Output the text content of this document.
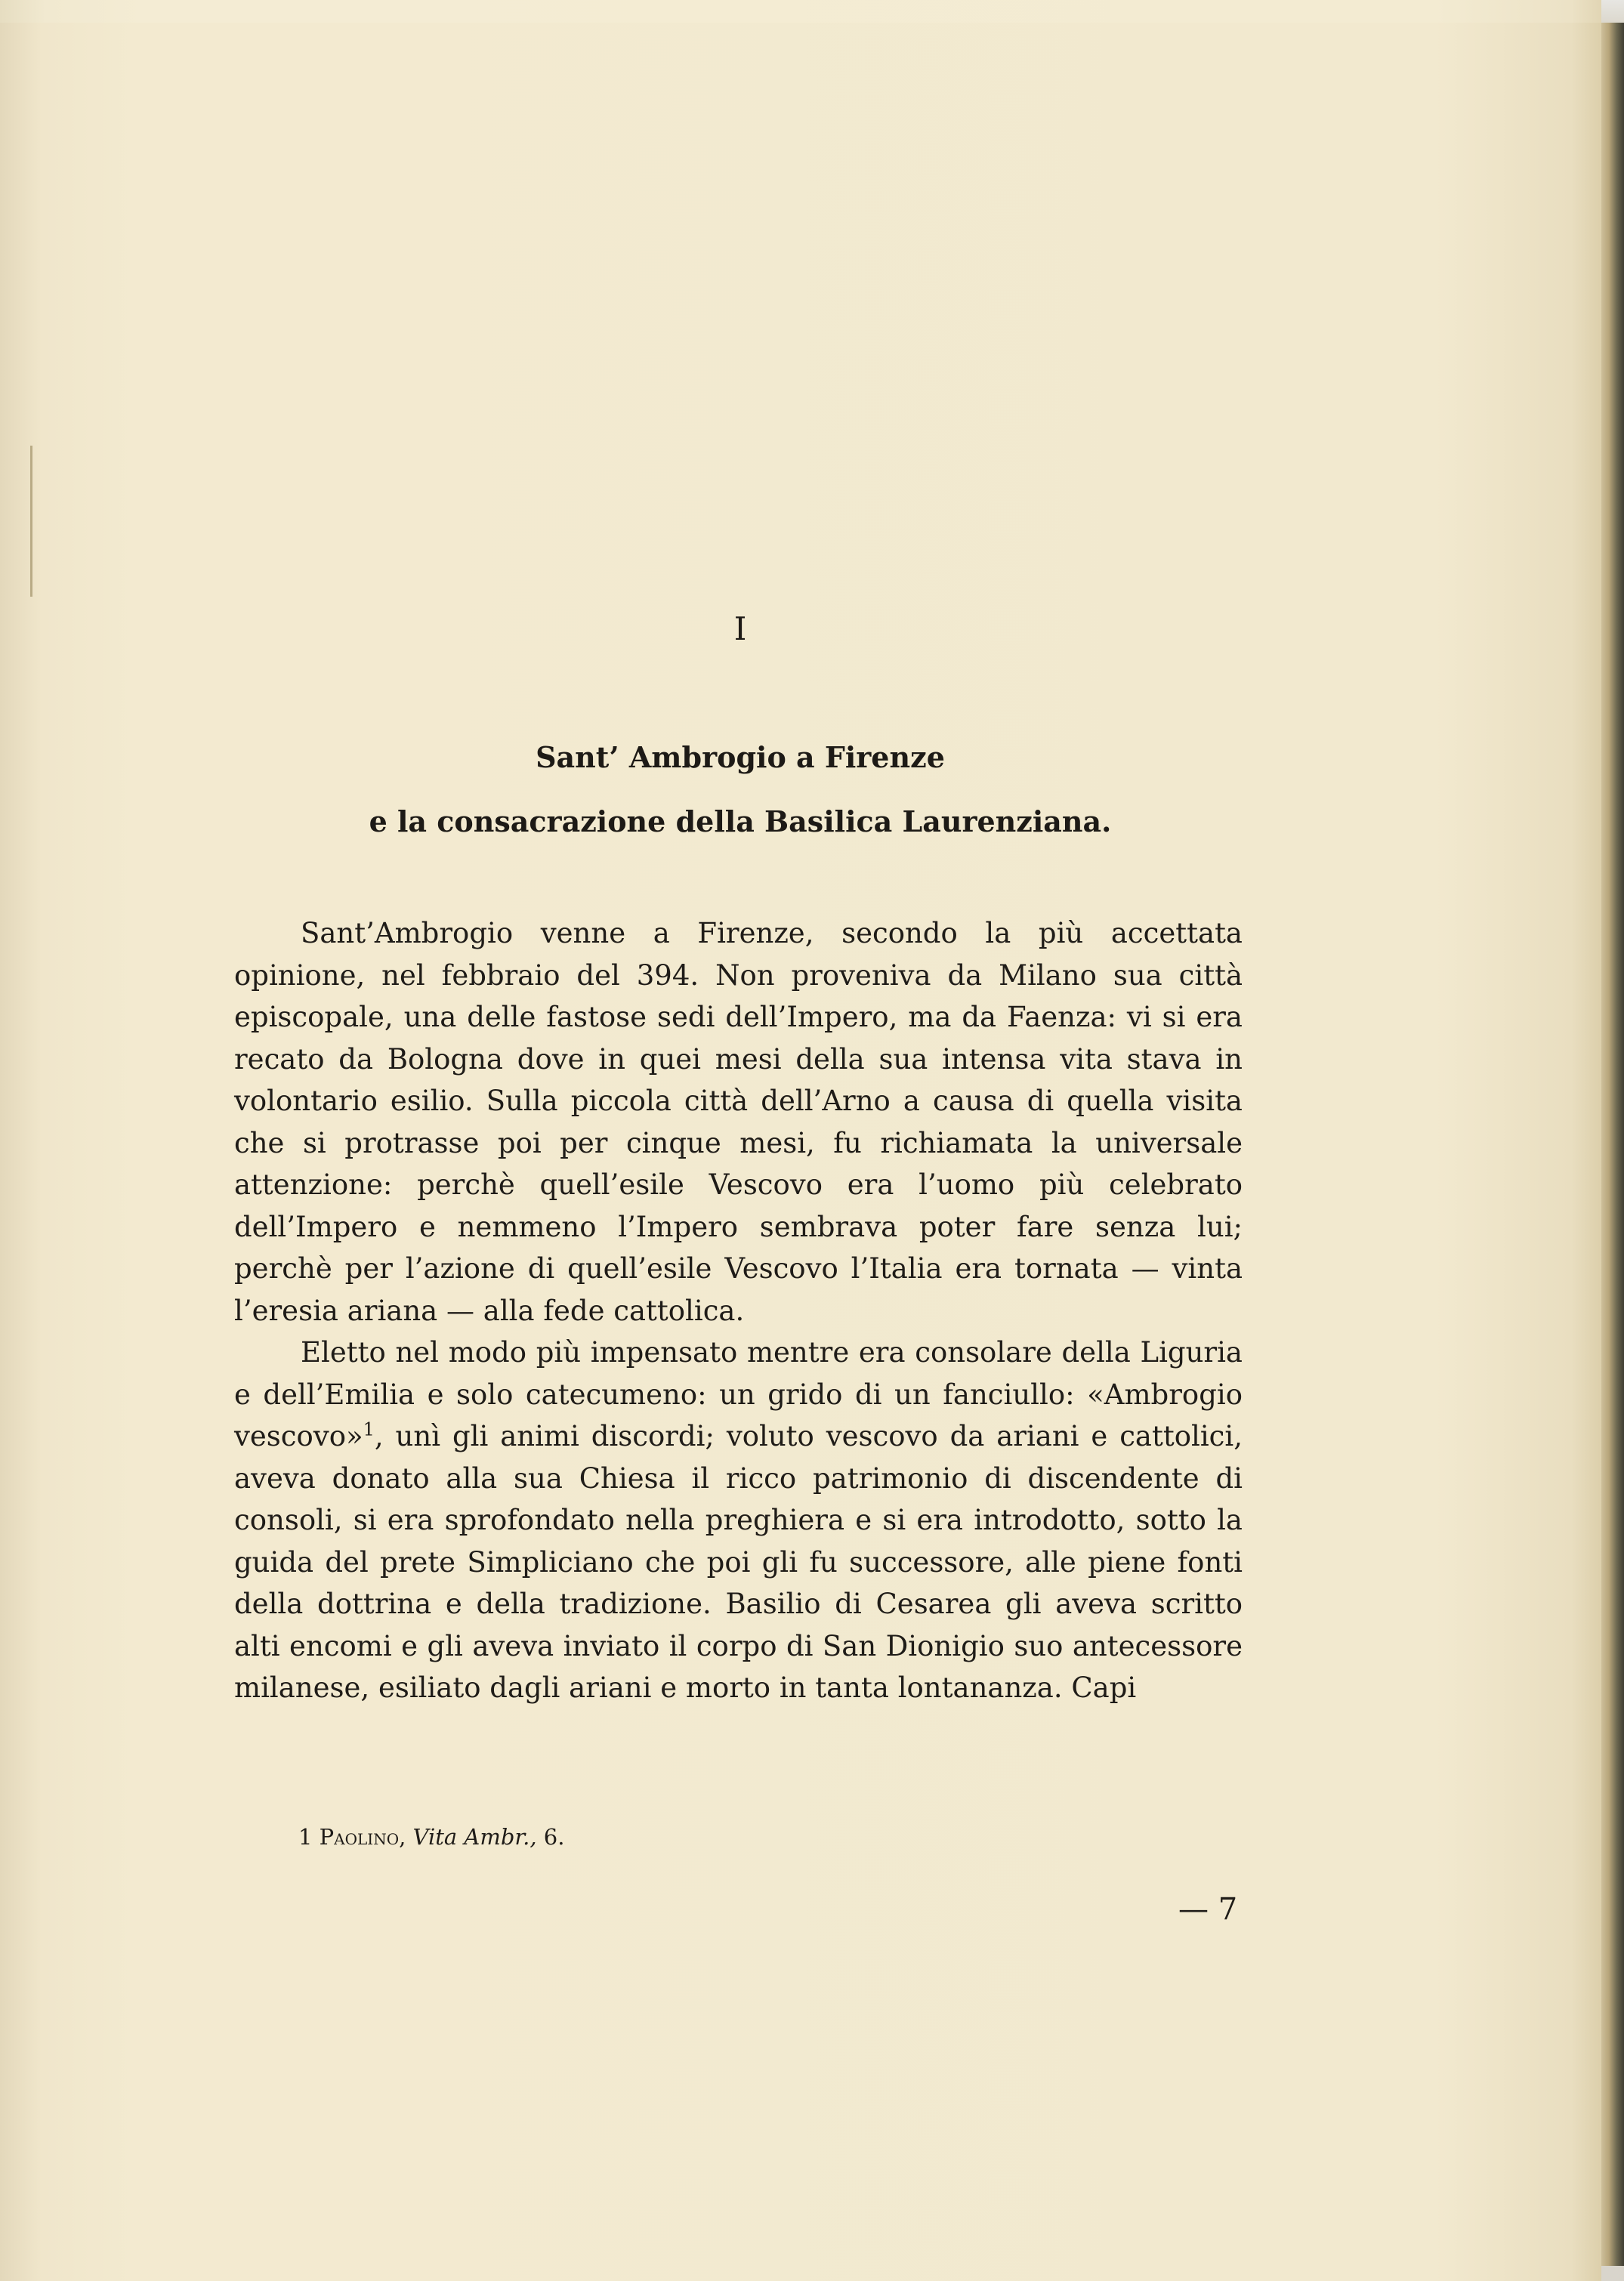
I
Sant’ Ambrogio a Firenze
e la consacrazione della Basilica Laurenziana.

Sant’Ambrogio venne a Firenze, secondo la più accettata opinione, nel febbraio del 394. Non proveniva da Milano sua città episcopale, una delle fastose sedi dell’Impero, ma da Faenza: vi si era recato da Bologna dove in quei mesi della sua intensa vita stava in volontario esilio. Sulla piccola città dell’Arno a causa di quella visita che si protrasse poi per cinque mesi, fu richiamata la universale attenzione: perchè quell’esile Vescovo era l’uomo più celebrato dell’Impero e nemmeno l’Impero sembrava poter fare senza lui; perchè per l’azione di quell’esile Vescovo l’Italia era tornata — vinta l’eresia ariana — alla fede cattolica.

Eletto nel modo più impensato mentre era consolare della Liguria e dell’Emilia e solo catecumeno: un grido di un fanciullo: «Ambrogio vescovo»$^1$, unì gli animi discordi; voluto vescovo da ariani e cattolici, aveva donato alla sua Chiesa il ricco patrimonio di discendente di consoli, si era sprofondato nella preghiera e si era introdotto, sotto la guida del prete Simpliciano che poi gli fu successore, alle piene fonti della dottrina e della tradizione. Basilio di Cesarea gli aveva scritto alti encomi e gli aveva inviato il corpo di San Dionigio suo antecessore milanese, esiliato dagli ariani e morto in tanta lontananza. Capi

1 Paolino, Vita Ambr., 6.
— 7
